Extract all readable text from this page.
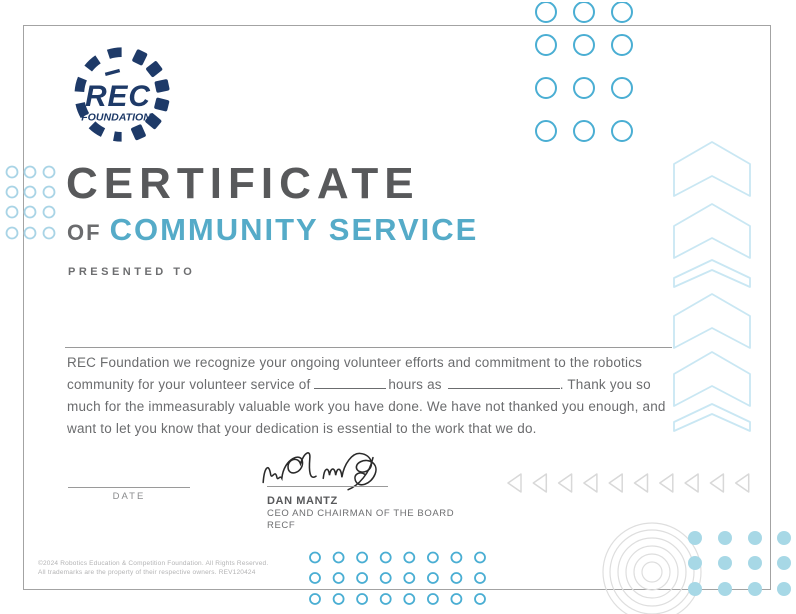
REC
FOUNDATION
CERTIFICATE
OF COMMUNITY SERVICE
PRESENTED TO
REC Foundation we recognize your ongoing volunteer efforts and commitment to the robotics community for your volunteer service of	hours as	. Thank you so much for the immeasurably valuable work you have done. We have not thanked you enough, and want to let you know that your dedication is essential to the work that we do.
DATE	DAN MANTZ
CEO AND CHAIRMAN OF THE BOARD
RECF
©2024 Robotics Education & Competition Foundation. All Rights Reserved.
All trademarks are the property of their respective owners. REV120424
